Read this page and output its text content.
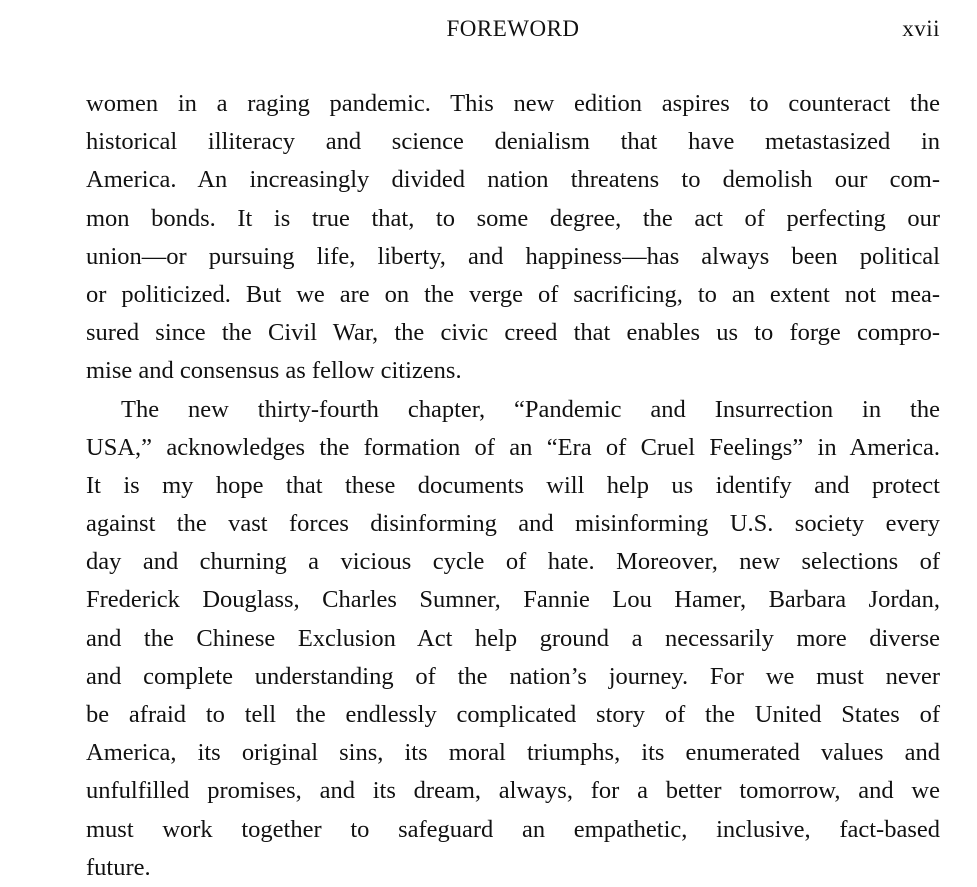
FOREWORD	xvii
women in a raging pandemic. This new edition aspires to counteract the
historical illiteracy and science denialism that have metastasized in
America. An increasingly divided nation threatens to demolish our com-
mon bonds. It is true that, to some degree, the act of perfecting our
union—or pursuing life, liberty, and happiness—has always been political
or politicized. But we are on the verge of sacrificing, to an extent not mea-
sured since the Civil War, the civic creed that enables us to forge compro-
mise and consensus as fellow citizens.
The new thirty-fourth chapter, “Pandemic and Insurrection in the
USA,” acknowledges the formation of an “Era of Cruel Feelings” in America.
It is my hope that these documents will help us identify and protect
against the vast forces disinforming and misinforming U.S. society every
day and churning a vicious cycle of hate. Moreover, new selections of
Frederick Douglass, Charles Sumner, Fannie Lou Hamer, Barbara Jordan,
and the Chinese Exclusion Act help ground a necessarily more diverse
and complete understanding of the nation’s journey. For we must never
be afraid to tell the endlessly complicated story of the United States of
America, its original sins, its moral triumphs, its enumerated values and
unfulfilled promises, and its dream, always, for a better tomorrow, and we
must work together to safeguard an empathetic, inclusive, fact-based
future.
